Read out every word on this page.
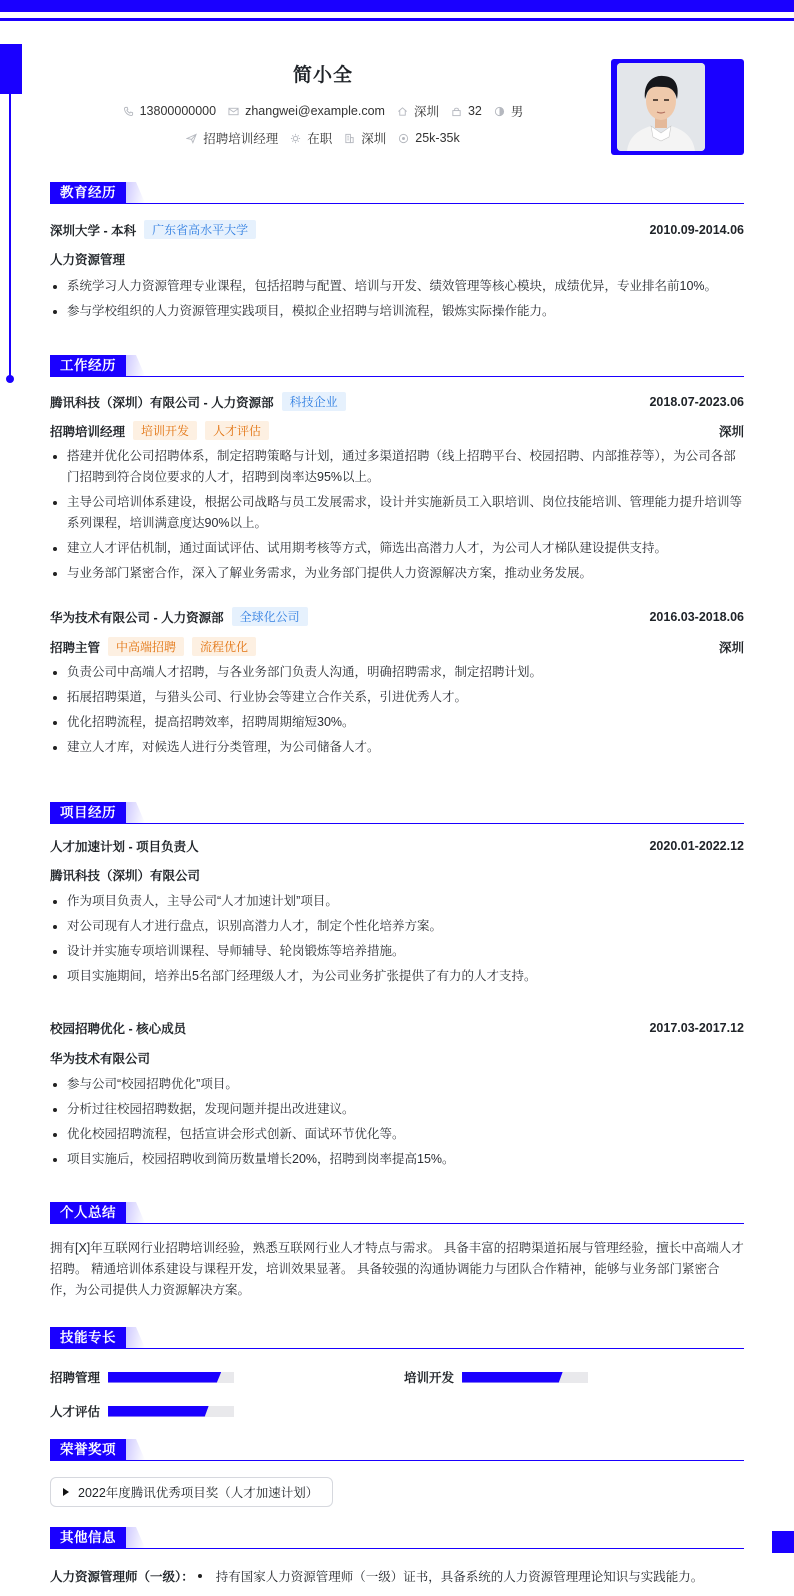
简小全
13800000000 zhangwei@example.com 深圳 32 男
招聘培训经理 在职 深圳 25k-35k
教育经历
深圳大学 - 本科	广东省高水平大学	2010.09-2014.06
人力资源管理
系统学习人力资源管理专业课程，包括招聘与配置、培训与开发、绩效管理等核心模块，成绩优异，专业排名前10%。
参与学校组织的人力资源管理实践项目，模拟企业招聘与培训流程，锻炼实际操作能力。
工作经历
腾讯科技（深圳）有限公司 - 人力资源部	科技企业	2018.07-2023.06
招聘培训经理	培训开发	人才评估	深圳
搭建并优化公司招聘体系，制定招聘策略与计划，通过多渠道招聘（线上招聘平台、校园招聘、内部推荐等），为公司各部门招聘到符合岗位要求的人才，招聘到岗率达95%以上。
主导公司培训体系建设，根据公司战略与员工发展需求，设计并实施新员工入职培训、岗位技能培训、管理能力提升培训等系列课程，培训满意度达90%以上。
建立人才评估机制，通过面试评估、试用期考核等方式，筛选出高潜力人才，为公司人才梯队建设提供支持。
与业务部门紧密合作，深入了解业务需求，为业务部门提供人力资源解决方案，推动业务发展。
华为技术有限公司 - 人力资源部	全球化公司	2016.03-2018.06
招聘主管	中高端招聘	流程优化	深圳
负责公司中高端人才招聘，与各业务部门负责人沟通，明确招聘需求，制定招聘计划。
拓展招聘渠道，与猎头公司、行业协会等建立合作关系，引进优秀人才。
优化招聘流程，提高招聘效率，招聘周期缩短30%。
建立人才库，对候选人进行分类管理，为公司储备人才。
项目经历
人才加速计划 - 项目负责人	2020.01-2022.12
腾讯科技（深圳）有限公司
作为项目负责人，主导公司“人才加速计划”项目。
对公司现有人才进行盘点，识别高潜力人才，制定个性化培养方案。
设计并实施专项培训课程、导师辅导、轮岗锻炼等培养措施。
项目实施期间，培养出5名部门经理级人才，为公司业务扩张提供了有力的人才支持。
校园招聘优化 - 核心成员	2017.03-2017.12
华为技术有限公司
参与公司“校园招聘优化”项目。
分析过往校园招聘数据，发现问题并提出改进建议。
优化校园招聘流程，包括宣讲会形式创新、面试环节优化等。
项目实施后，校园招聘收到简历数量增长20%，招聘到岗率提高15%。
个人总结
拥有[X]年互联网行业招聘培训经验，熟悉互联网行业人才特点与需求。 具备丰富的招聘渠道拓展与管理经验，擅长中高端人才招聘。 精通培训体系建设与课程开发，培训效果显著。 具备较强的沟通协调能力与团队合作精神，能够与业务部门紧密合作，为公司提供人力资源解决方案。
技能专长
招聘管理	培训开发
人才评估
荣誉奖项
2022年度腾讯优秀项目奖（人才加速计划）
其他信息
人力资源管理师（一级）： 持有国家人力资源管理师（一级）证书，具备系统的人力资源管理理论知识与实践能力。
